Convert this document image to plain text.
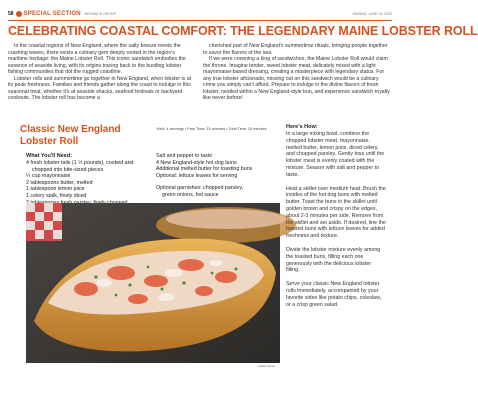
58 SPECIAL SECTION NEGANCE GROUP	SUNDAY, JUNE 15, 2025
CELEBRATING COASTAL COMFORT: THE LEGENDARY MAINE LOBSTER ROLL

In the coastal regions of New England, where the salty breeze meets the crashing waves, there exists a culinary gem deeply rooted in the region's maritime heritage: the Maine Lobster Roll. This iconic sandwich embodies the essence of seaside living, with its origins tracing back to the bustling lobster fishing communities that dot the rugged coastline.

Lobster rolls and summertime go together in New England, when lobster is at its peak freshness. Families and friends gather along the coast to indulge in this seasonal treat, whether it's at seaside shacks, seafood festivals or backyard cookouts. The lobster roll has become a

cherished part of New England's summertime rituals, bringing people together to savor the flavors of the sea.

If we were crowning a king of sandwiches, the Maine Lobster Roll would claim the throne. Imagine tender, sweet lobster meat, delicately mixed with a light mayonnaise-based dressing, creating a masterpiece with legendary status. For any true lobster aficionado, missing out on this sandwich would be a culinary crime you simply can't afford. Prepare to indulge in the divine flavors of fresh lobster, nestled within a New England-style bun, and experience sandwich royalty like never before!

Classic New England Lobster Roll
Yield: 4 servings • Prep Time: 15 minutes • Total Time: 15 minutes
What You'll Need:
4 fresh lobster tails (1 ½ pounds), cooked and
chopped into bite-sized pieces
¼ cup mayonnaise
2 tablespoons butter, melted
1 tablespoon lemon juice
1 celery stalk, finely diced
Salt and pepper to taste
4 New England-style hot dog buns
Additional melted butter for toasting buns
Optional: lettuce leaves for serving
Optional garnishes: chopped parsley,
green onions, hot sauce
Adobe Stock
Here's How:

In a large mixing bowl, combine the chopped lobster meat, mayonnaise, melted butter, lemon juice, diced celery, and chopped parsley. Gently toss until the lobster meat is evenly coated with the mixture. Season with salt and pepper to taste.

Heat a skillet over medium heat. Brush the insides of the hot dog buns with melted butter. Toast the buns in the skillet until golden brown and crispy on the edges, about 2-3 minutes per side. Remove from the skillet and set aside. If desired, line the toasted buns with lettuce leaves for added freshness and texture.

Divide the lobster mixture evenly among the toasted buns, filling each one generously with the delicious lobster filling.

Serve your classic New England lobster rolls immediately, accompanied by your favorite sides like potato chips, coleslaw, or a crisp green salad.
